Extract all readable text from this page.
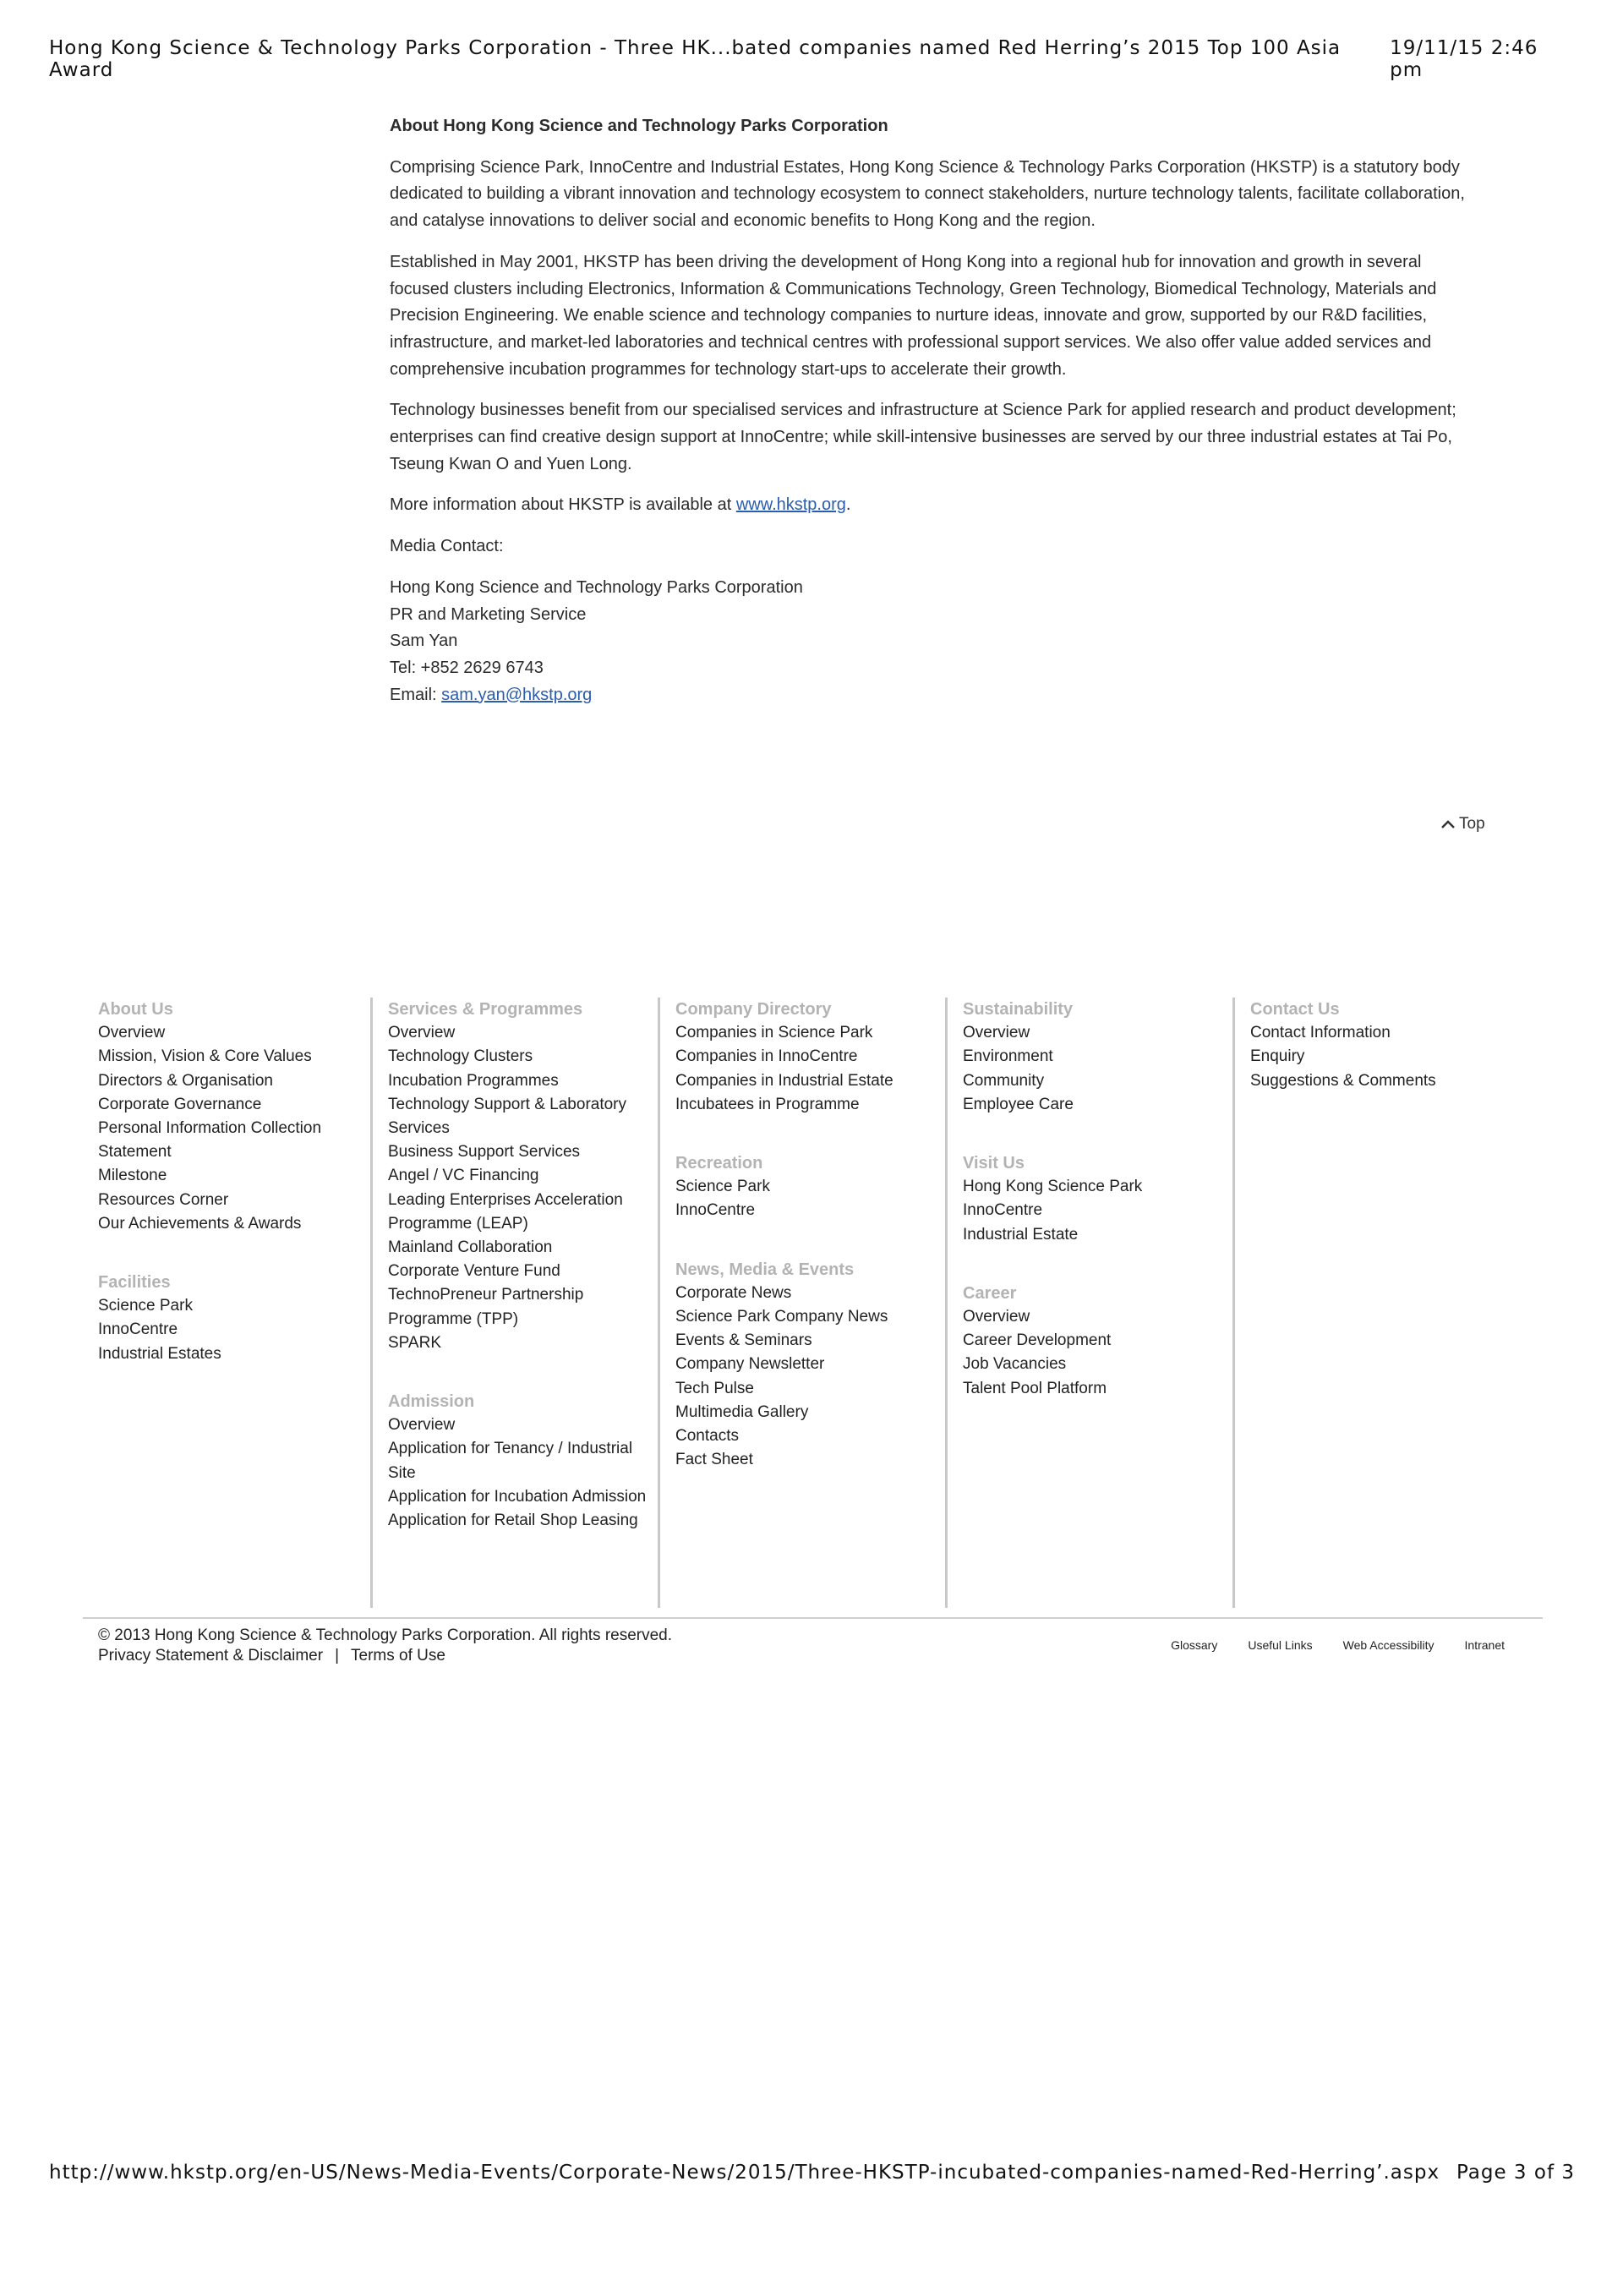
Hong Kong Science & Technology Parks Corporation - Three HK...bated companies named Red Herring’s 2015 Top 100 Asia Award
19/11/15 2:46 pm
About Hong Kong Science and Technology Parks Corporation

Comprising Science Park, InnoCentre and Industrial Estates, Hong Kong Science & Technology Parks Corporation (HKSTP) is a statutory body dedicated to building a vibrant innovation and technology ecosystem to connect stakeholders, nurture technology talents, facilitate collaboration, and catalyse innovations to deliver social and economic benefits to Hong Kong and the region.

Established in May 2001, HKSTP has been driving the development of Hong Kong into a regional hub for innovation and growth in several focused clusters including Electronics, Information & Communications Technology, Green Technology, Biomedical Technology, Materials and Precision Engineering. We enable science and technology companies to nurture ideas, innovate and grow, supported by our R&D facilities, infrastructure, and market-led laboratories and technical centres with professional support services. We also offer value added services and comprehensive incubation programmes for technology start-ups to accelerate their growth.

Technology businesses benefit from our specialised services and infrastructure at Science Park for applied research and product development; enterprises can find creative design support at InnoCentre; while skill-intensive businesses are served by our three industrial estates at Tai Po, Tseung Kwan O and Yuen Long.

More information about HKSTP is available at www.hkstp.org.

Media Contact:

Hong Kong Science and Technology Parks Corporation

PR and Marketing Service

Sam Yan

Tel: +852 2629 6743

Email: sam.yan@hkstp.org

Top
About Us
Overview
Mission, Vision & Core Values
Directors & Organisation
Corporate Governance
Personal Information Collection Statement
Milestone
Resources Corner
Our Achievements & Awards
Facilities
Science Park
InnoCentre
Industrial Estates
Services & Programmes
Overview
Technology Clusters
Incubation Programmes
Technology Support & Laboratory Services
Business Support Services
Angel / VC Financing
Leading Enterprises Acceleration Programme (LEAP)
Mainland Collaboration
Corporate Venture Fund
TechnoPreneur Partnership Programme (TPP)
SPARK
Admission
Overview
Application for Tenancy / Industrial Site
Application for Incubation Admission
Application for Retail Shop Leasing
Company Directory
Companies in Science Park
Companies in InnoCentre
Companies in Industrial Estate
Incubatees in Programme
Recreation
Science Park
InnoCentre
News, Media & Events
Corporate News
Science Park Company News
Events & Seminars
Company Newsletter
Tech Pulse
Multimedia Gallery
Contacts
Fact Sheet
Sustainability
Overview
Environment
Community
Employee Care
Visit Us
Hong Kong Science Park
InnoCentre
Industrial Estate
Career
Overview
Career Development
Job Vacancies
Talent Pool Platform
Contact Us
Contact Information
Enquiry
Suggestions & Comments
© 2013 Hong Kong Science & Technology Parks Corporation. All rights reserved.
Privacy Statement & Disclaimer | Terms of Use
Glossary	Useful Links	Web Accessibility	Intranet
http://www.hkstp.org/en-US/News-Media-Events/Corporate-News/2015/Three-HKSTP-incubated-companies-named-Red-Herring’.aspx Page 3 of 3
